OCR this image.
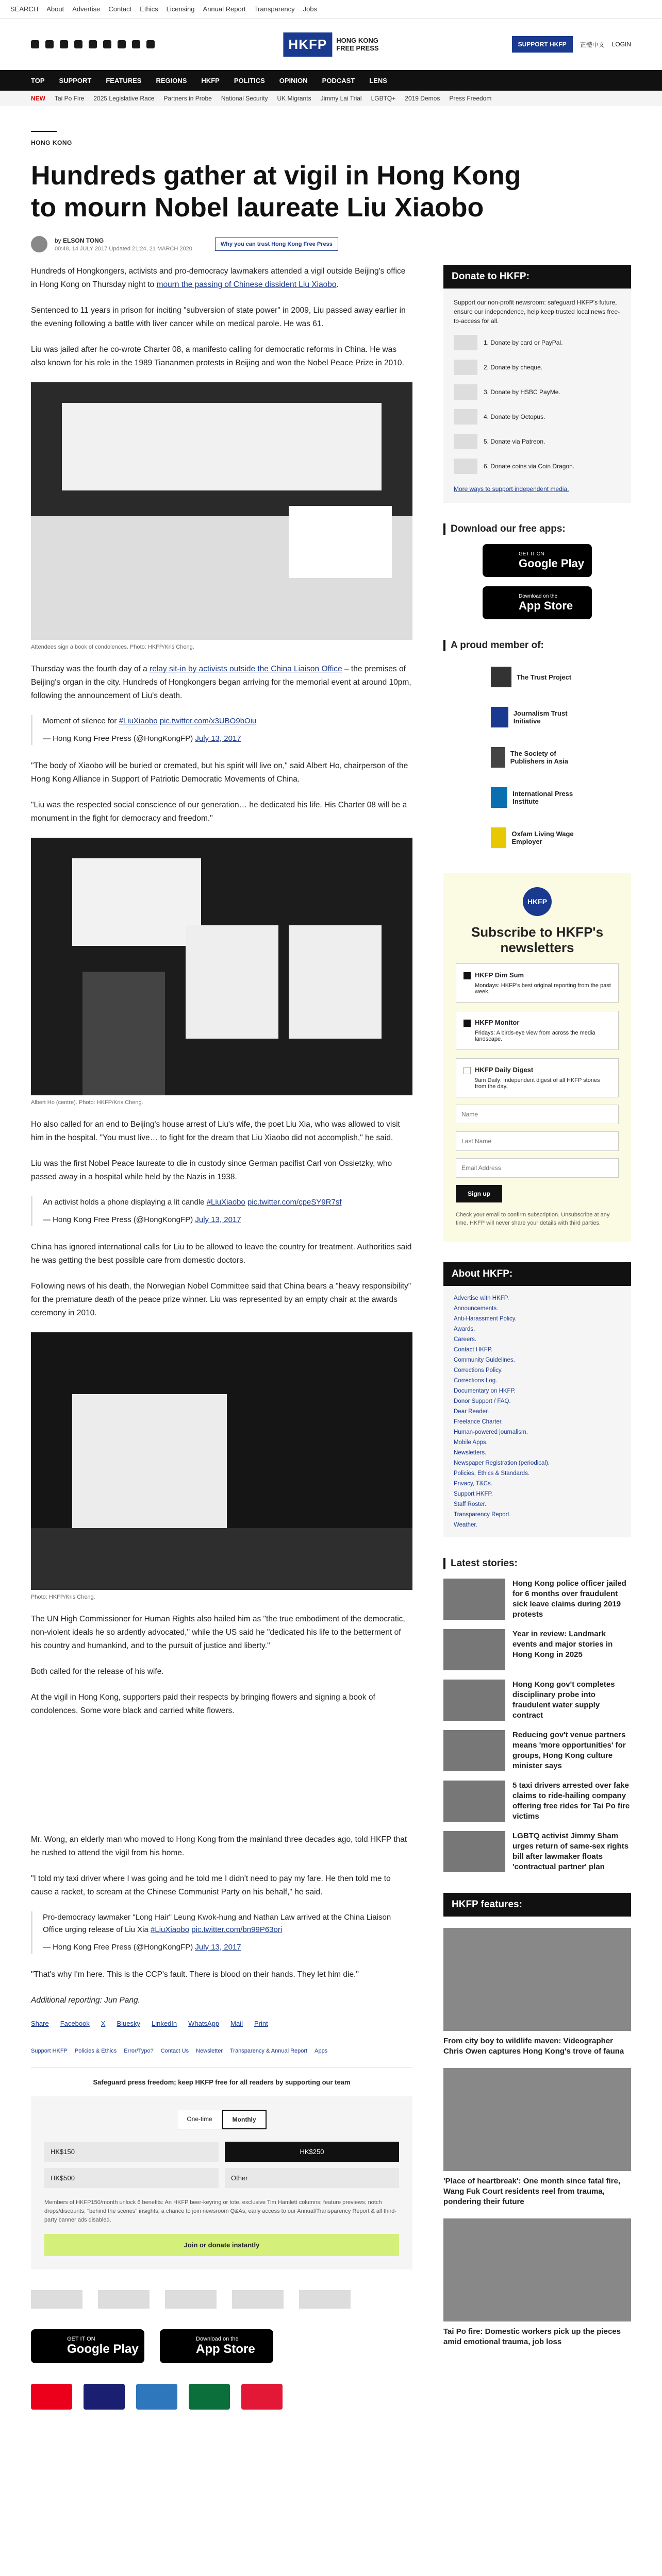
SEARCH About Advertise Contact Ethics Licensing Annual Report Transparency Jobs
HKFP	HONG KONG
FREE PRESS	SUPPORT HKFP	正體中文 LOGIN
TOP SUPPORT FEATURES REGIONS HKFP POLITICS OPINION PODCAST LENS
NEW Tai Po Fire 2025 Legislative Race Partners in Probe National Security UK Migrants Jimmy Lai Trial LGBTQ+ 2019 Demos Press Freedom
HONG KONG
Hundreds gather at vigil in Hong Kong to mourn Nobel laureate Liu Xiaobo
by ELSON TONG
00:48, 14 JULY 2017 Updated 21:24, 21 MARCH 2020
Why you can trust Hong Kong Free Press

Hundreds of Hongkongers, activists and pro-democracy lawmakers attended a vigil outside Beijing's office in Hong Kong on Thursday night to mourn the passing of Chinese dissident Liu Xiaobo.

Sentenced to 11 years in prison for inciting "subversion of state power" in 2009, Liu passed away earlier in the evening following a battle with liver cancer while on medical parole. He was 61.

Liu was jailed after he co-wrote Charter 08, a manifesto calling for democratic reforms in China. He was also known for his role in the 1989 Tiananmen protests in Beijing and won the Nobel Peace Prize in 2010.

Attendees sign a book of condolences. Photo: HKFP/Kris Cheng.

Thursday was the fourth day of a relay sit-in by activists outside the China Liaison Office – the premises of Beijing's organ in the city. Hundreds of Hongkongers began arriving for the memorial event at around 10pm, following the announcement of Liu's death.

Moment of silence for #LiuXiaobo pic.twitter.com/x3UBO9bOiu
— Hong Kong Free Press (@HongKongFP) July 13, 2017

"The body of Xiaobo will be buried or cremated, but his spirit will live on," said Albert Ho, chairperson of the Hong Kong Alliance in Support of Patriotic Democratic Movements of China.

"Liu was the respected social conscience of our generation… he dedicated his life. His Charter 08 will be a monument in the fight for democracy and freedom."

Albert Ho (centre). Photo: HKFP/Kris Cheng.

Ho also called for an end to Beijing's house arrest of Liu's wife, the poet Liu Xia, who was allowed to visit him in the hospital. "You must live… to fight for the dream that Liu Xiaobo did not accomplish," he said.

Liu was the first Nobel Peace laureate to die in custody since German pacifist Carl von Ossietzky, who passed away in a hospital while held by the Nazis in 1938.

An activist holds a phone displaying a lit candle #LiuXiaobo pic.twitter.com/cpeSY9R7sf
— Hong Kong Free Press (@HongKongFP) July 13, 2017

China has ignored international calls for Liu to be allowed to leave the country for treatment. Authorities said he was getting the best possible care from domestic doctors.

Following news of his death, the Norwegian Nobel Committee said that China bears a "heavy responsibility" for the premature death of the peace prize winner. Liu was represented by an empty chair at the awards ceremony in 2010.

Photo: HKFP/Kris Cheng.

The UN High Commissioner for Human Rights also hailed him as "the true embodiment of the democratic, non-violent ideals he so ardently advocated," while the US said he "dedicated his life to the betterment of his country and humankind, and to the pursuit of justice and liberty."

Both called for the release of his wife.

At the vigil in Hong Kong, supporters paid their respects by bringing flowers and signing a book of condolences. Some wore black and carried white flowers.

Mr. Wong, an elderly man who moved to Hong Kong from the mainland three decades ago, told HKFP that he rushed to attend the vigil from his home.

"I told my taxi driver where I was going and he told me I didn't need to pay my fare. He then told me to cause a racket, to scream at the Chinese Communist Party on his behalf," he said.

Pro-democracy lawmaker "Long Hair" Leung Kwok-hung and Nathan Law arrived at the China Liaison Office urging release of Liu Xia #LiuXiaobo pic.twitter.com/bn99P63ori
— Hong Kong Free Press (@HongKongFP) July 13, 2017

"That's why I'm here. This is the CCP's fault. There is blood on their hands. They let him die."

Additional reporting: Jun Pang.

Share Facebook X Bluesky LinkedIn WhatsApp Mail Print
Support HKFP Policies & Ethics Error/Typo? Contact Us Newsletter Transparency & Annual Report Apps
Safeguard press freedom; keep HKFP free for all readers by supporting our team
One-time	Monthly
HK$150	HK$250
HK$500	Other
Members of HKFP150/month unlock 6 benefits: An HKFP beer-keyring or tote, exclusive Tim Hamlett columns; feature previews; notch drops/discounts; "behind the scenes" insights; a chance to join newsroom Q&As; early access to our Annual/Transparency Report & all third-party banner ads disabled.
Join or donate instantly
GET IT ON
Google Play
Download on the
App Store
Donate to HKFP:
Support our non-profit newsroom: safeguard HKFP's future, ensure our independence, help keep trusted local news free-to-access for all.
1. Donate by card or PayPal.
2. Donate by cheque.
3. Donate by HSBC PayMe.
4. Donate by Octopus.
5. Donate via Patreon.
6. Donate coins via Coin Dragon.
More ways to support independent media.
Download our free apps:
GET IT ON
Google Play
Download on the
App Store
A proud member of:
The Trust Project
Journalism Trust Initiative
The Society of Publishers in Asia
International Press Institute
Oxfam Living Wage Employer
HKFP
Subscribe to HKFP's newsletters
HKFP Dim Sum
Mondays: HKFP's best original reporting from the past week.
HKFP Monitor
Fridays: A birds-eye view from across the media landscape.
HKFP Daily Digest
9am Daily: Independent digest of all HKFP stories from the day.
Name Last Name Email Address
Sign up
Check your email to confirm subscription. Unsubscribe at any time. HKFP will never share your details with third parties.
About HKFP:
Advertise with HKFP.
Announcements.
Anti-Harassment Policy.
Awards.
Careers.
Contact HKFP.
Community Guidelines.
Corrections Policy.
Corrections Log.
Documentary on HKFP.
Donor Support / FAQ.
Dear Reader.
Freelance Charter.
Human-powered journalism.
Mobile Apps.
Newsletters.
Newspaper Registration (periodical).
Policies, Ethics & Standards.
Privacy, T&Cs.
Support HKFP.
Staff Roster.
Transparency Report.
Weather.
Latest stories:
Hong Kong police officer jailed for 6 months over fraudulent sick leave claims during 2019 protests
Year in review: Landmark events and major stories in Hong Kong in 2025
Hong Kong gov't completes disciplinary probe into fraudulent water supply contract
Reducing gov't venue partners means 'more opportunities' for groups, Hong Kong culture minister says
5 taxi drivers arrested over fake claims to ride-hailing company offering free rides for Tai Po fire victims
LGBTQ activist Jimmy Sham urges return of same-sex rights bill after lawmaker floats 'contractual partner' plan
HKFP features:
From city boy to wildlife maven: Videographer Chris Owen captures Hong Kong's trove of fauna
'Place of heartbreak': One month since fatal fire, Wang Fuk Court residents reel from trauma, pondering their future
Tai Po fire: Domestic workers pick up the pieces amid emotional trauma, job loss
